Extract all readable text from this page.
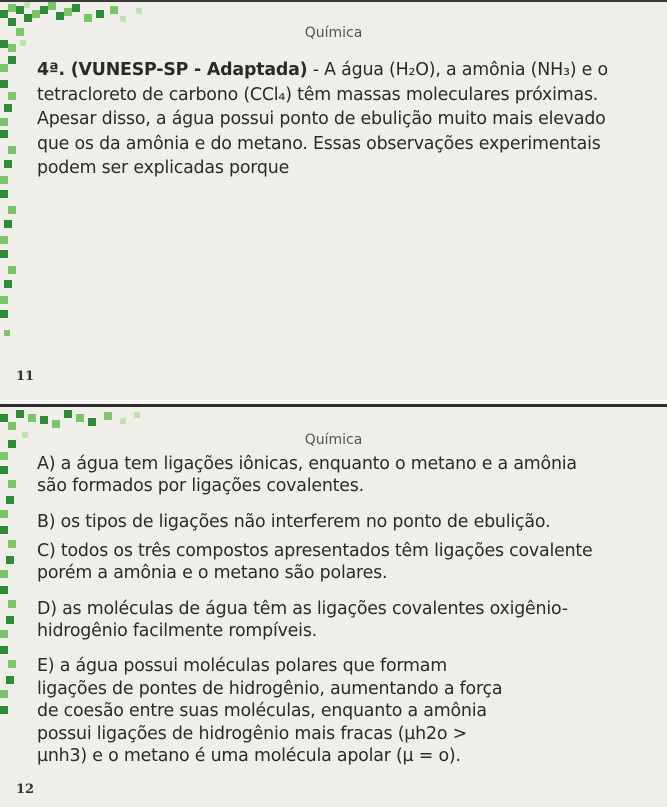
Química
4ª. (VUNESP-SP - Adaptada) - A água (H₂O), a amônia (NH₃) e o
tetracloreto de carbono (CCl₄) têm massas moleculares próximas.
Apesar disso, a água possui ponto de ebulição muito mais elevado
que os da amônia e do metano. Essas observações experimentais
podem ser explicadas porque
11
Química
A) a água tem ligações iônicas, enquanto o metano e a amônia
são formados por ligações covalentes.
B) os tipos de ligações não interferem no ponto de ebulição.
C) todos os três compostos apresentados têm ligações covalente
porém a amônia e o metano são polares.
D) as moléculas de água têm as ligações covalentes oxigênio-
hidrogênio facilmente rompíveis.
E) a água possui moléculas polares que formam
ligações de pontes de hidrogênio, aumentando a força
de coesão entre suas moléculas, enquanto a amônia
possui ligações de hidrogênio mais fracas (µh2o >
µnh3) e o metano é uma molécula apolar (µ = o).
12
